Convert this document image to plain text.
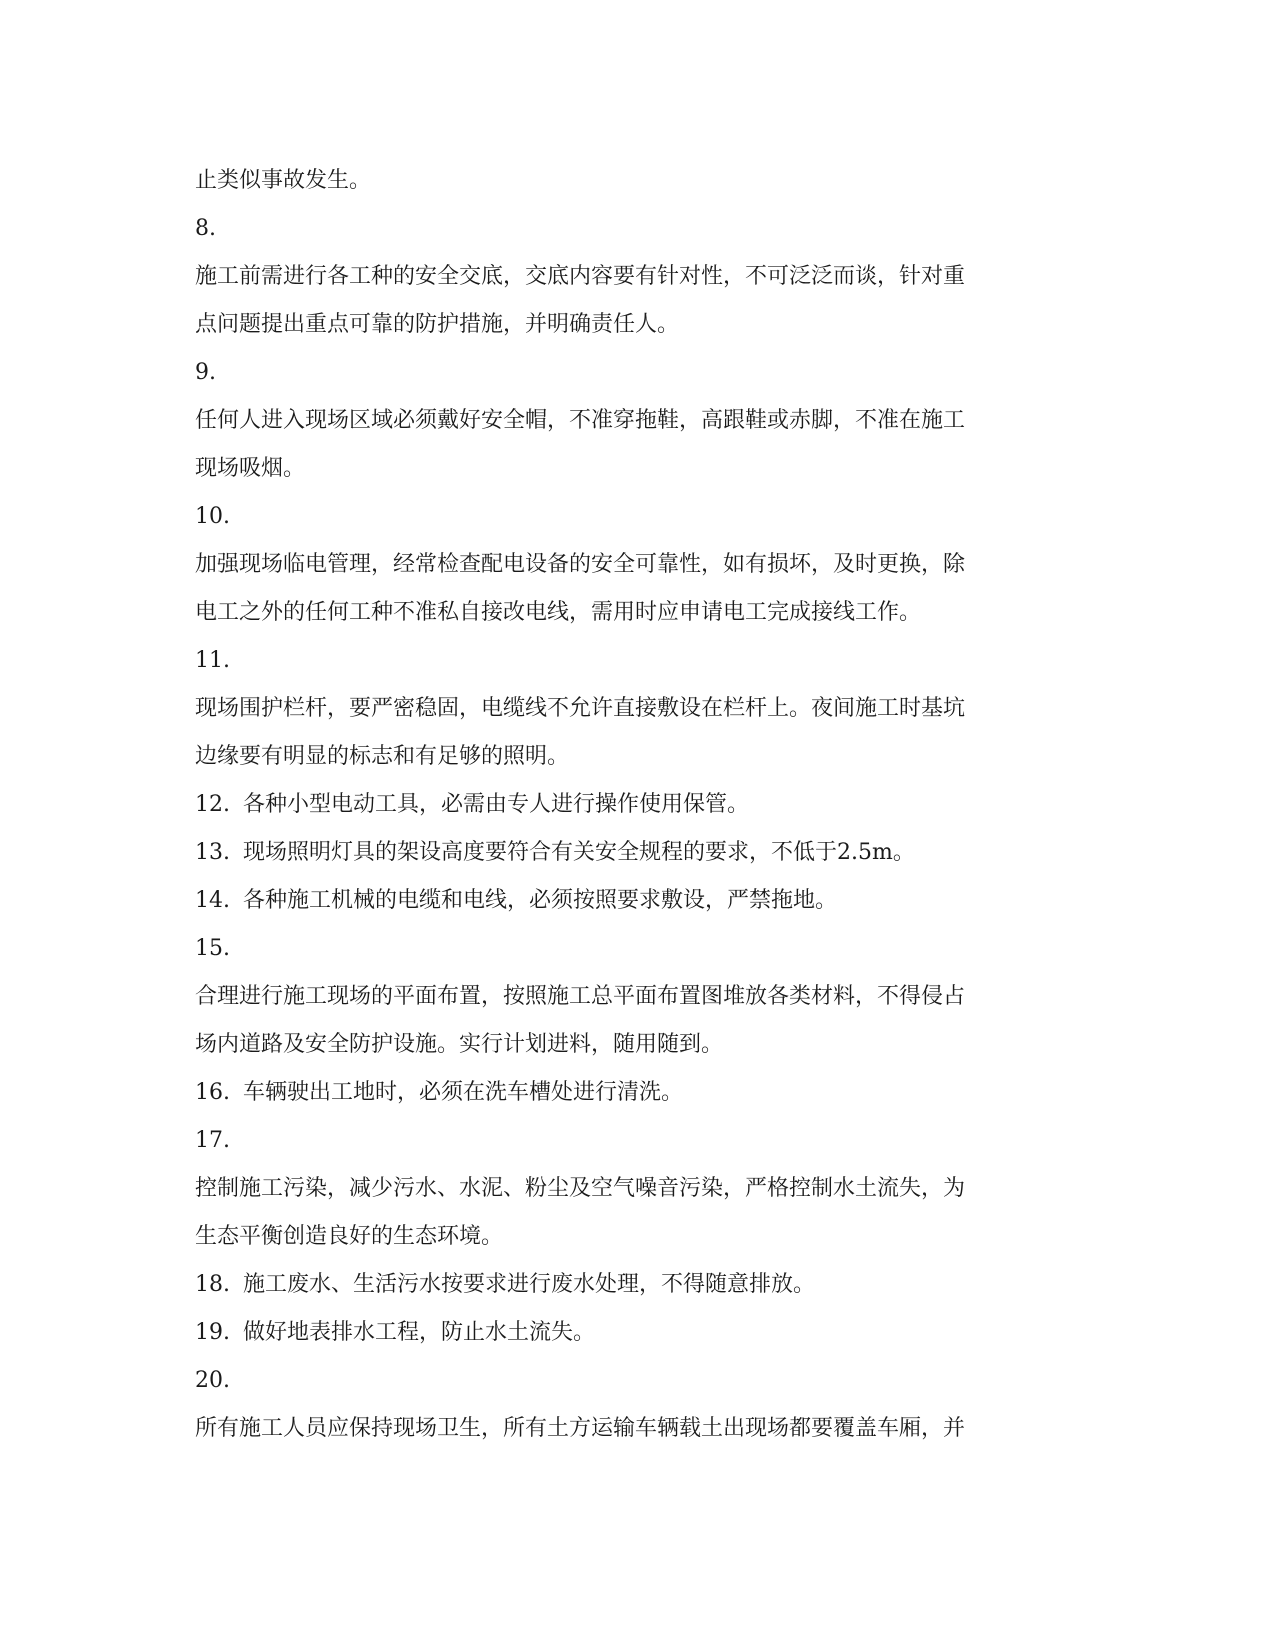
止类似事故发生。
8.
施工前需进行各工种的安全交底，交底内容要有针对性，不可泛泛而谈，针对重
点问题提出重点可靠的防护措施，并明确责任人。
9.
任何人进入现场区域必须戴好安全帽，不准穿拖鞋，高跟鞋或赤脚，不准在施工
现场吸烟。
10.
加强现场临电管理，经常检查配电设备的安全可靠性，如有损坏，及时更换，除
电工之外的任何工种不准私自接改电线，需用时应申请电工完成接线工作。
11.
现场围护栏杆，要严密稳固，电缆线不允许直接敷设在栏杆上。夜间施工时基坑
边缘要有明显的标志和有足够的照明。
12. 各种小型电动工具，必需由专人进行操作使用保管。
13. 现场照明灯具的架设高度要符合有关安全规程的要求，不低于2.5m。
14. 各种施工机械的电缆和电线，必须按照要求敷设，严禁拖地。
15.
合理进行施工现场的平面布置，按照施工总平面布置图堆放各类材料，不得侵占
场内道路及安全防护设施。实行计划进料，随用随到。
16. 车辆驶出工地时，必须在洗车槽处进行清洗。
17.
控制施工污染，减少污水、水泥、粉尘及空气噪音污染，严格控制水土流失，为
生态平衡创造良好的生态环境。
18. 施工废水、生活污水按要求进行废水处理，不得随意排放。
19. 做好地表排水工程，防止水土流失。
20.
所有施工人员应保持现场卫生，所有土方运输车辆载土出现场都要覆盖车厢，并
